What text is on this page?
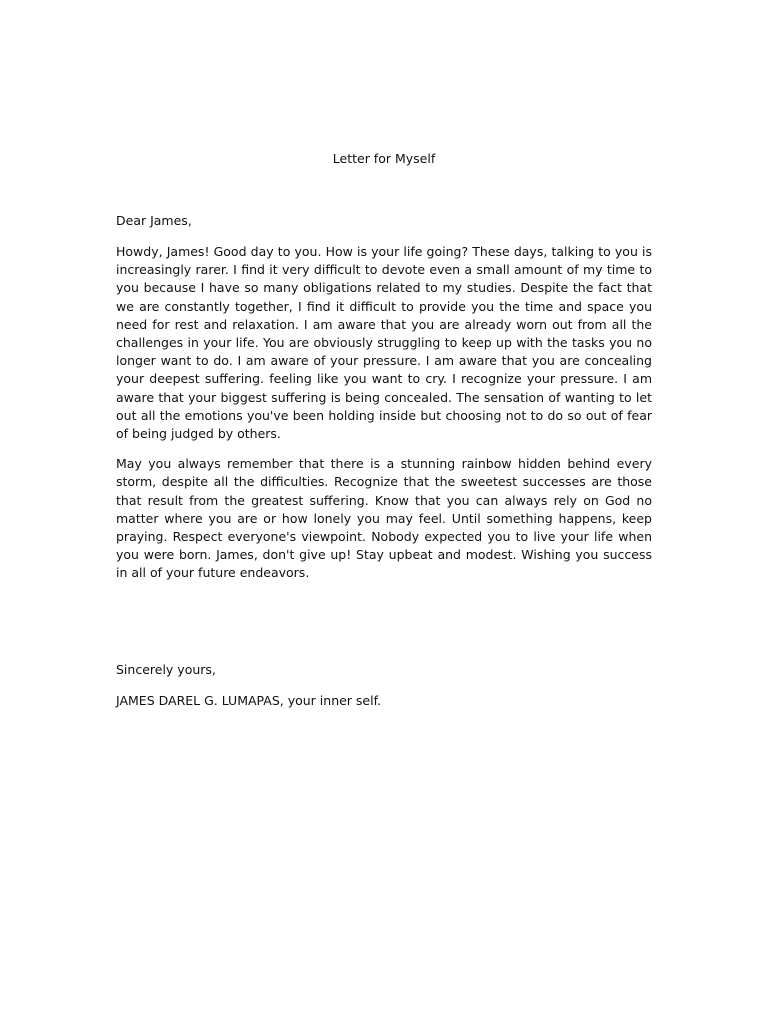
Letter for Myself
Dear James,

Howdy, James! Good day to you. How is your life going? These days, talking to you is increasingly rarer. I find it very difficult to devote even a small amount of my time to you because I have so many obligations related to my studies. Despite the fact that we are constantly together, I find it difficult to provide you the time and space you need for rest and relaxation. I am aware that you are already worn out from all the challenges in your life. You are obviously struggling to keep up with the tasks you no longer want to do. I am aware of your pressure. I am aware that you are concealing your deepest suffering. feeling like you want to cry. I recognize your pressure. I am aware that your biggest suffering is being concealed. The sensation of wanting to let out all the emotions you've been holding inside but choosing not to do so out of fear of being judged by others.

May you always remember that there is a stunning rainbow hidden behind every storm, despite all the difficulties. Recognize that the sweetest successes are those that result from the greatest suffering. Know that you can always rely on God no matter where you are or how lonely you may feel. Until something happens, keep praying. Respect everyone's viewpoint. Nobody expected you to live your life when you were born. James, don't give up! Stay upbeat and modest. Wishing you success in all of your future endeavors.

Sincerely yours,
JAMES DAREL G. LUMAPAS, your inner self.
